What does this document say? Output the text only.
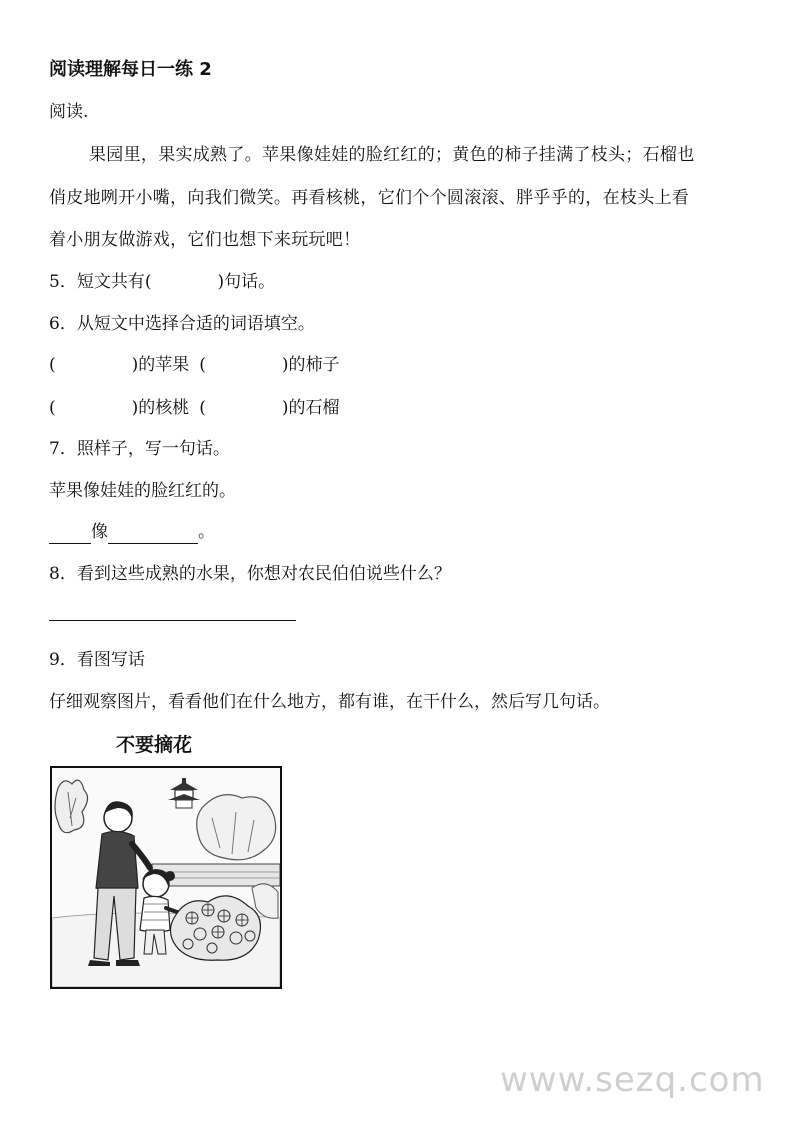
阅读理解每日一练 2
阅读.
果园里，果实成熟了。苹果像娃娃的脸红红的；黄色的柿子挂满了枝头；石榴也
俏皮地咧开小嘴，向我们微笑。再看核桃，它们个个圆滚滚、胖乎乎的，在枝头上看
着小朋友做游戏，它们也想下来玩玩吧！
5．短文共有(	)句话。
6．从短文中选择合适的词语填空。
(	)的苹果 (	)的柿子
(	)的核桃 (	)的石榴
7．照样子，写一句话。
苹果像娃娃的脸红红的。
像	。
8．看到这些成熟的水果，你想对农民伯伯说些什么？
9．看图写话
仔细观察图片，看看他们在什么地方，都有谁，在干什么，然后写几句话。
不要摘花
www.sezq.com
